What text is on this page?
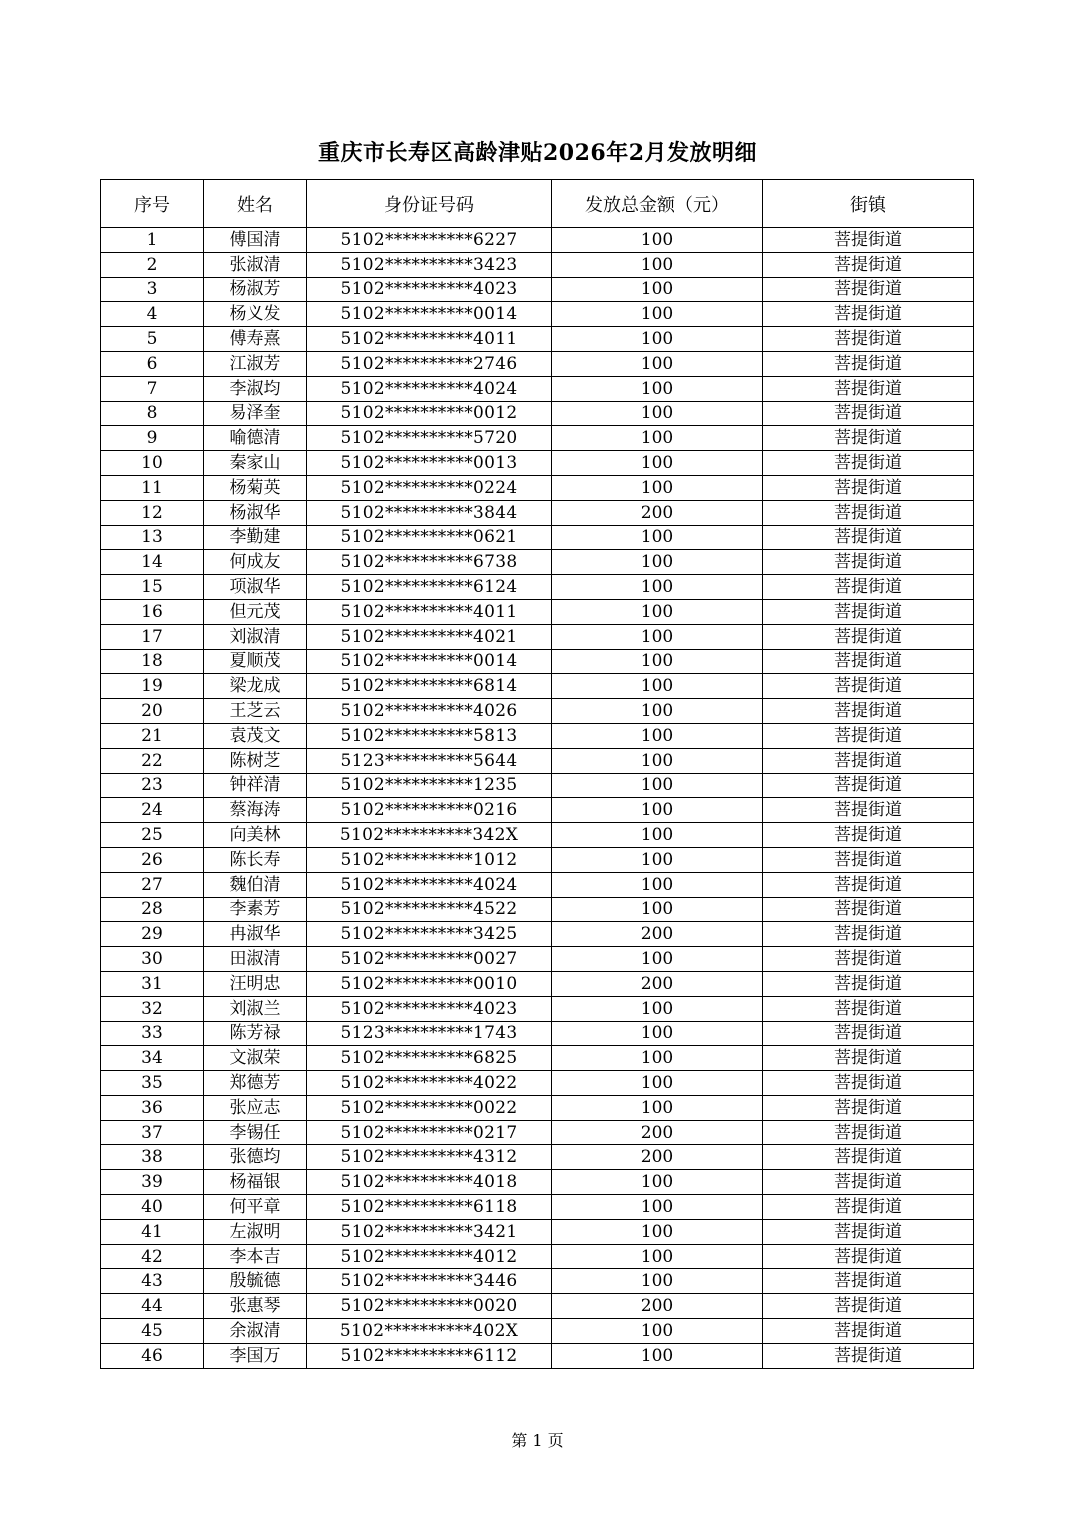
重庆市长寿区高龄津贴2026年2月发放明细
序号	姓名	身份证号码	发放总金额（元）	街镇
1	傅国清	5102**********6227	100	菩提街道
2	张淑清	5102**********3423	100	菩提街道
3	杨淑芳	5102**********4023	100	菩提街道
4	杨义发	5102**********0014	100	菩提街道
5	傅寿熹	5102**********4011	100	菩提街道
6	江淑芳	5102**********2746	100	菩提街道
7	李淑均	5102**********4024	100	菩提街道
8	易泽奎	5102**********0012	100	菩提街道
9	喻德清	5102**********5720	100	菩提街道
10	秦家山	5102**********0013	100	菩提街道
11	杨菊英	5102**********0224	100	菩提街道
12	杨淑华	5102**********3844	200	菩提街道
13	李勤建	5102**********0621	100	菩提街道
14	何成友	5102**********6738	100	菩提街道
15	项淑华	5102**********6124	100	菩提街道
16	但元茂	5102**********4011	100	菩提街道
17	刘淑清	5102**********4021	100	菩提街道
18	夏顺茂	5102**********0014	100	菩提街道
19	梁龙成	5102**********6814	100	菩提街道
20	王芝云	5102**********4026	100	菩提街道
21	袁茂文	5102**********5813	100	菩提街道
22	陈树芝	5123**********5644	100	菩提街道
23	钟祥清	5102**********1235	100	菩提街道
24	蔡海涛	5102**********0216	100	菩提街道
25	向美林	5102**********342X	100	菩提街道
26	陈长寿	5102**********1012	100	菩提街道
27	魏伯清	5102**********4024	100	菩提街道
28	李素芳	5102**********4522	100	菩提街道
29	冉淑华	5102**********3425	200	菩提街道
30	田淑清	5102**********0027	100	菩提街道
31	汪明忠	5102**********0010	200	菩提街道
32	刘淑兰	5102**********4023	100	菩提街道
33	陈芳禄	5123**********1743	100	菩提街道
34	文淑荣	5102**********6825	100	菩提街道
35	郑德芳	5102**********4022	100	菩提街道
36	张应志	5102**********0022	100	菩提街道
37	李锡任	5102**********0217	200	菩提街道
38	张德均	5102**********4312	200	菩提街道
39	杨福银	5102**********4018	100	菩提街道
40	何平章	5102**********6118	100	菩提街道
41	左淑明	5102**********3421	100	菩提街道
42	李本吉	5102**********4012	100	菩提街道
43	殷毓德	5102**********3446	100	菩提街道
44	张惠琴	5102**********0020	200	菩提街道
45	余淑清	5102**********402X	100	菩提街道
46	李国万	5102**********6112	100	菩提街道
第 1 页
